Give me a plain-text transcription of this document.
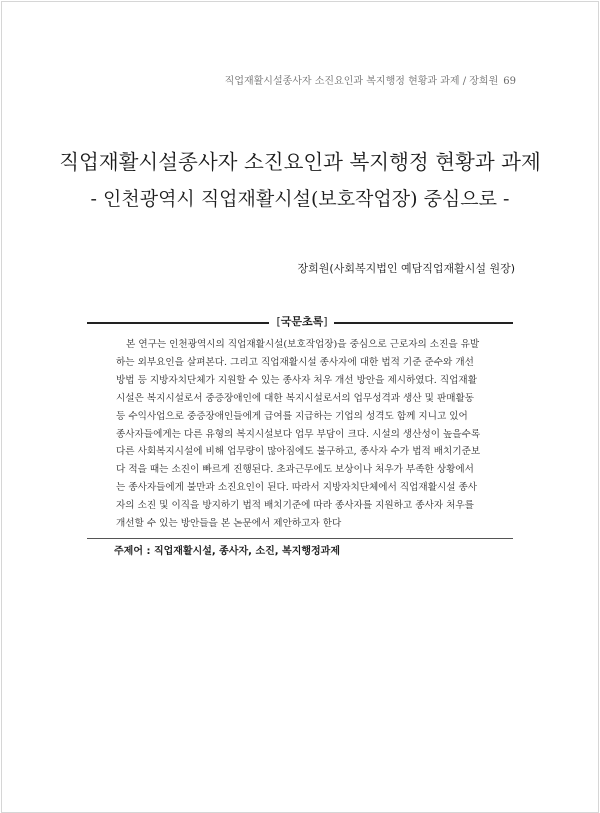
직업재활시설종사자 소진요인과 복지행정 현황과 과제 / 장희원 69
직업재활시설종사자 소진요인과 복지행정 현황과 과제
- 인천광역시 직업재활시설(보호작업장) 중심으로 -
장희원(사회복지법인 예담직업재활시설 원장)
[국문초록]
본 연구는 인천광역시의 직업재활시설(보호작업장)을 중심으로 근로자의 소진을 유발
하는 외부요인을 살펴본다. 그리고 직업재활시설 종사자에 대한 법적 기준 준수와 개선
방법 등 지방자치단체가 지원할 수 있는 종사자 처우 개선 방안을 제시하였다. 직업재활
시설은 복지시설로서 중증장애인에 대한 복지시설로서의 업무성격과 생산 및 판매활동
등 수익사업으로 중증장애인들에게 급여를 지급하는 기업의 성격도 함께 지니고 있어
종사자들에게는 다른 유형의 복지시설보다 업무 부담이 크다. 시설의 생산성이 높을수록
다른 사회복지시설에 비해 업무량이 많아짐에도 불구하고, 종사자 수가 법적 배치기준보
다 적을 때는 소진이 빠르게 진행된다. 초과근무에도 보상이나 처우가 부족한 상황에서
는 종사자들에게 불만과 소진요인이 된다. 따라서 지방자치단체에서 직업재활시설 종사
자의 소진 및 이직을 방지하기 법적 배치기준에 따라 종사자를 지원하고 종사자 처우를
개선할 수 있는 방안들을 본 논문에서 제안하고자 한다
주제어 : 직업재활시설, 종사자, 소진, 복지행정과제
